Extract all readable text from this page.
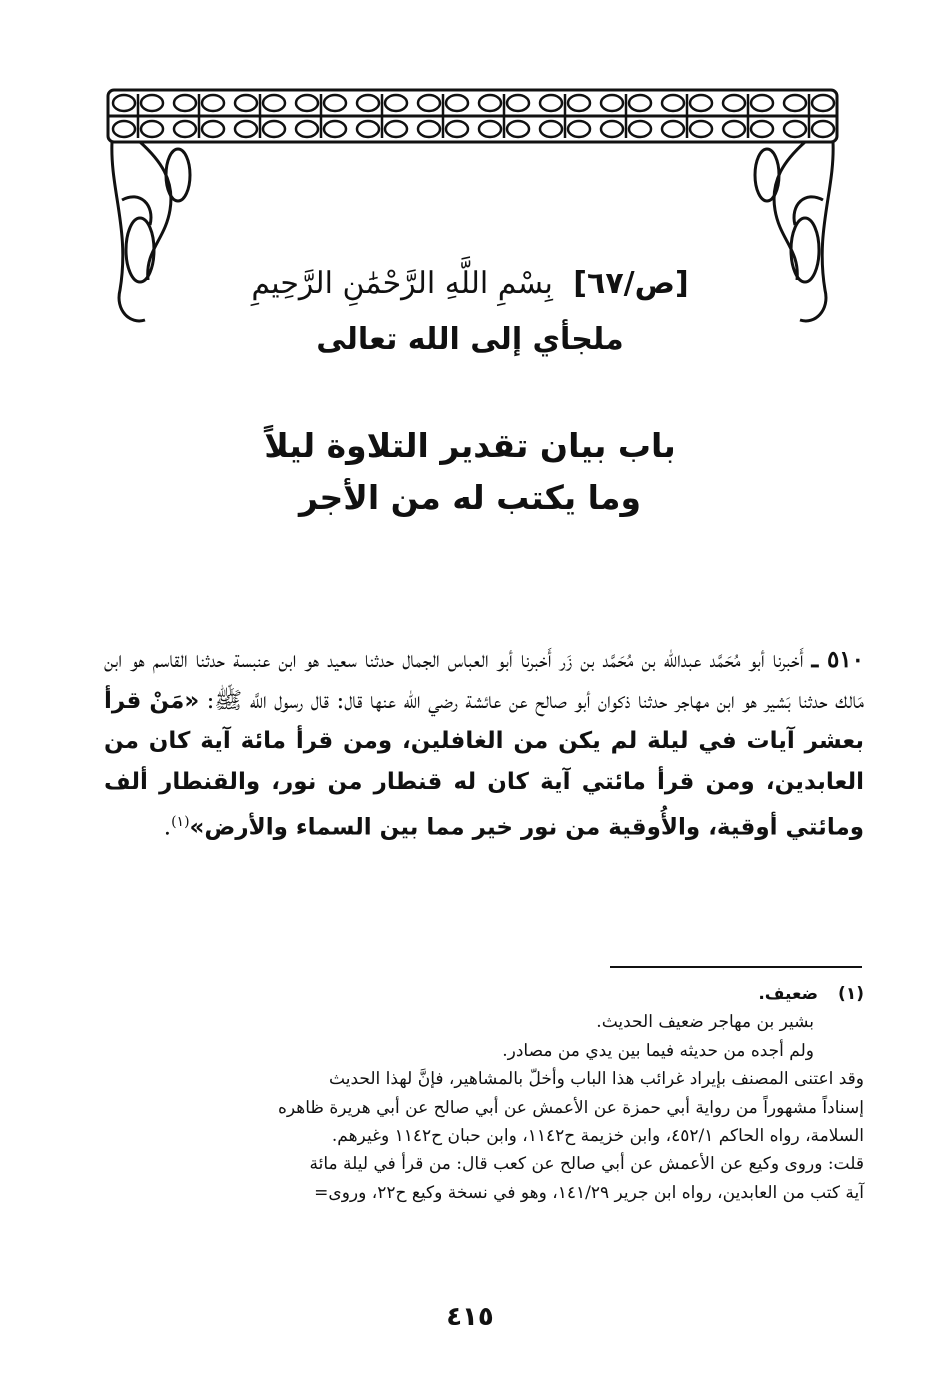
[ص/٦٧] بِسْمِ اللَّهِ الرَّحْمَٰنِ الرَّحِيمِ
ملجأي إلى الله تعالى
باب بيان تقدير التلاوة ليلاً
وما يكتب له من الأجر
٥١٠ ـ أَخبرنا أبو مُحَمَّد عبدالله بن مُحَمَّد بن زَر أَخبرنا أبو العباس الجمال حدثنا سعيد هو ابن عنبسة حدثنا القاسم هو ابن مَالك حدثنا بَشير هو ابن مهاجر حدثنا ذكوان أبو صالح عن عائشة رضي الله عنها قال: قال رسول اللَّه ﷺ: «مَنْ قرأ بعشر آيات في ليلة لم يكن من الغافلين، ومن قرأ مائة آية كان من العابدين، ومن قرأ مائتي آية كان له قنطار من نور، والقنطار ألف ومائتي أوقية، والأُوقية من نور خير مما بين السماء والأرض»$^{(١)}$.
(١)ضعيف.
بشير بن مهاجر ضعيف الحديث.
ولم أجده من حديثه فيما بين يدي من مصادر.
وقد اعتنى المصنف بإيراد غرائب هذا الباب وأخلّ بالمشاهير، فإنَّ لهذا الحديث
إسناداً مشهوراً من رواية أبي حمزة عن الأعمش عن أبي صالح عن أبي هريرة ظاهره
السلامة، رواه الحاكم ٤٥٢/١، وابن خزيمة ح١١٤٢، وابن حبان ح١١٤٢ وغيرهم.
قلت: وروى وكيع عن الأعمش عن أبي صالح عن كعب قال: من قرأ في ليلة مائة
آية كتب من العابدين، رواه ابن جرير ١٤١/٢٩، وهو في نسخة وكيع ح٢٢، وروى=
٤١٥
